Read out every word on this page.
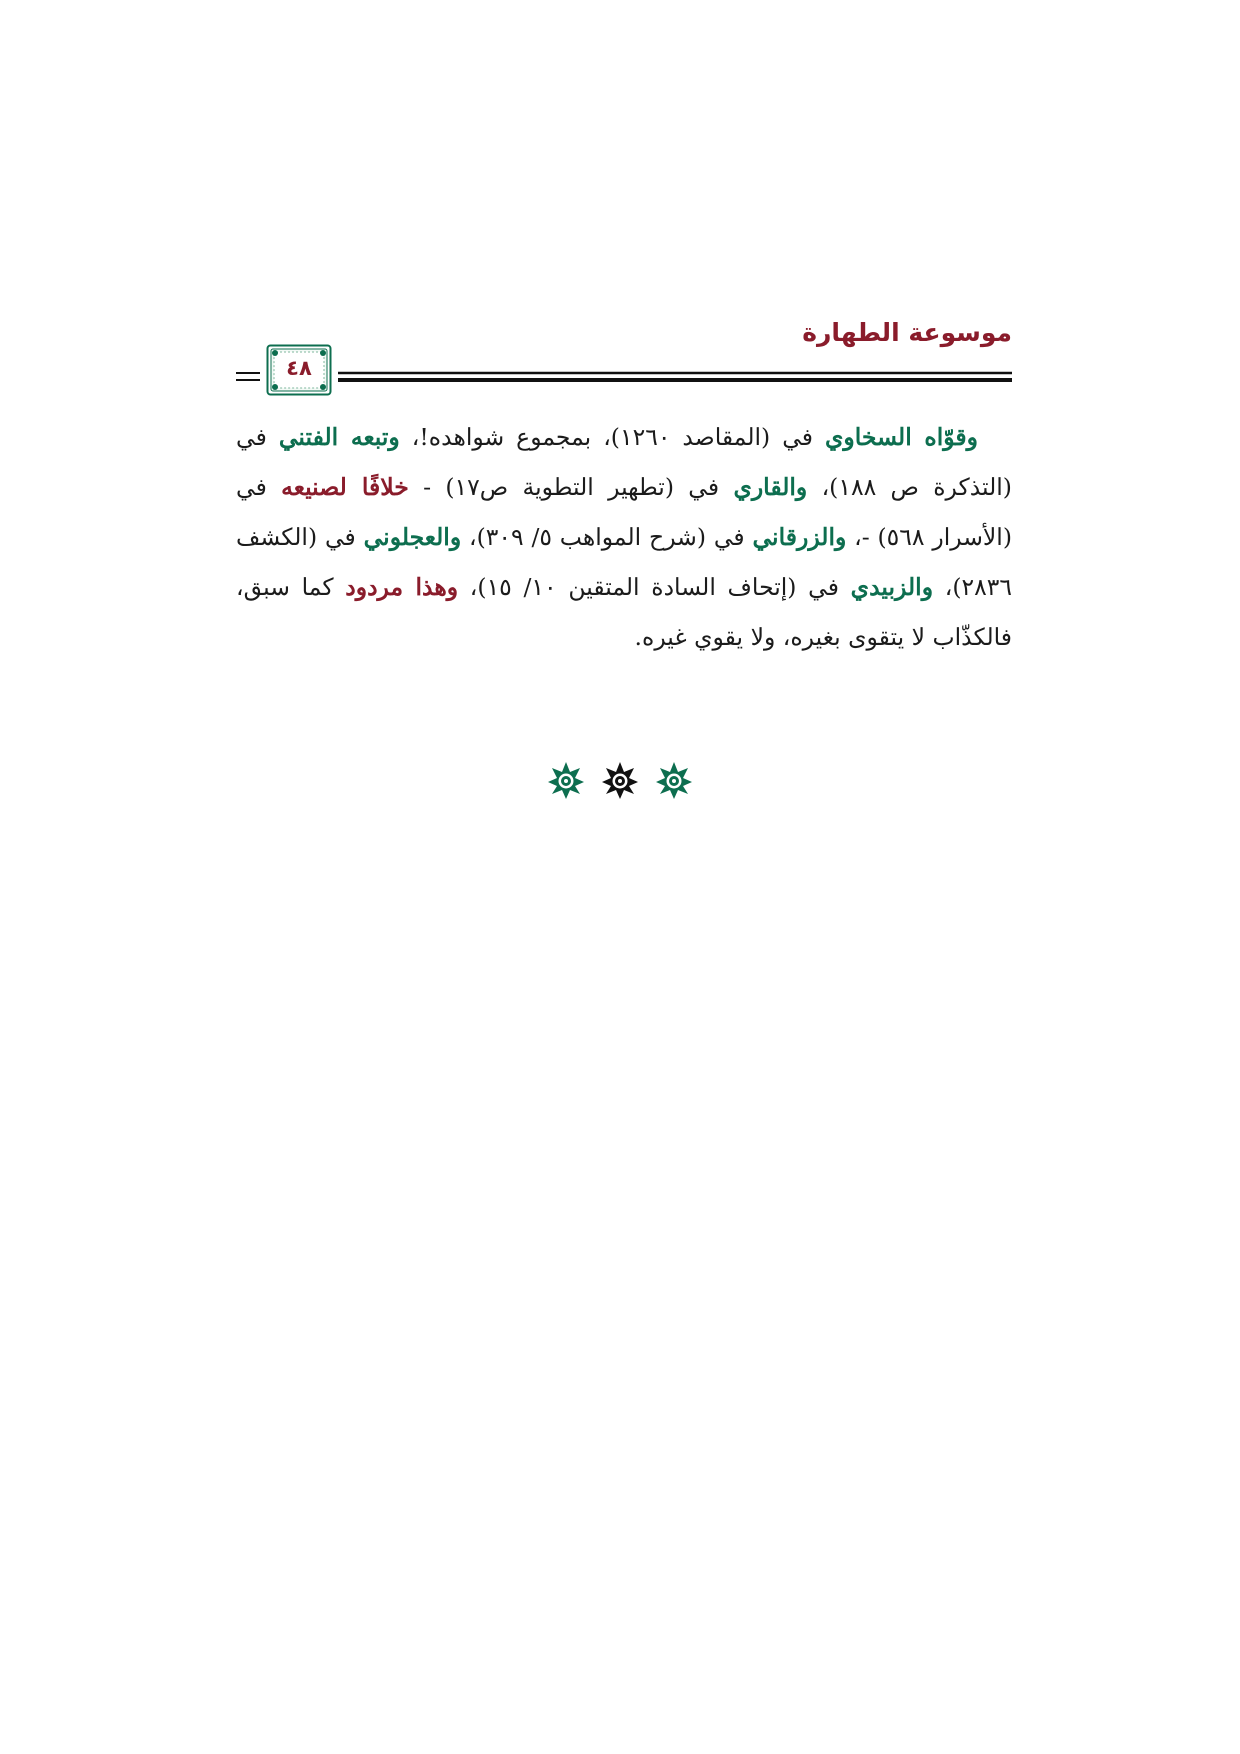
موسوعة الطهارة
٤٨
وقوّاه السخاوي في (المقاصد ١٢٦٠)، بمجموع شواهده!، وتبعه الفتني في (التذكرة ص ١٨٨)، والقاري في (تطهير التطوية ص١٧) - خلافًا لصنيعه في (الأسرار ٥٦٨) -، والزرقاني في (شرح المواهب ٥/ ٣٠٩)، والعجلوني في (الكشف ٢٨٣٦)، والزبيدي في (إتحاف السادة المتقين ١٠/ ١٥)، وهذا مردود كما سبق، فالكذّاب لا يتقوى بغيره، ولا يقوي غيره.
